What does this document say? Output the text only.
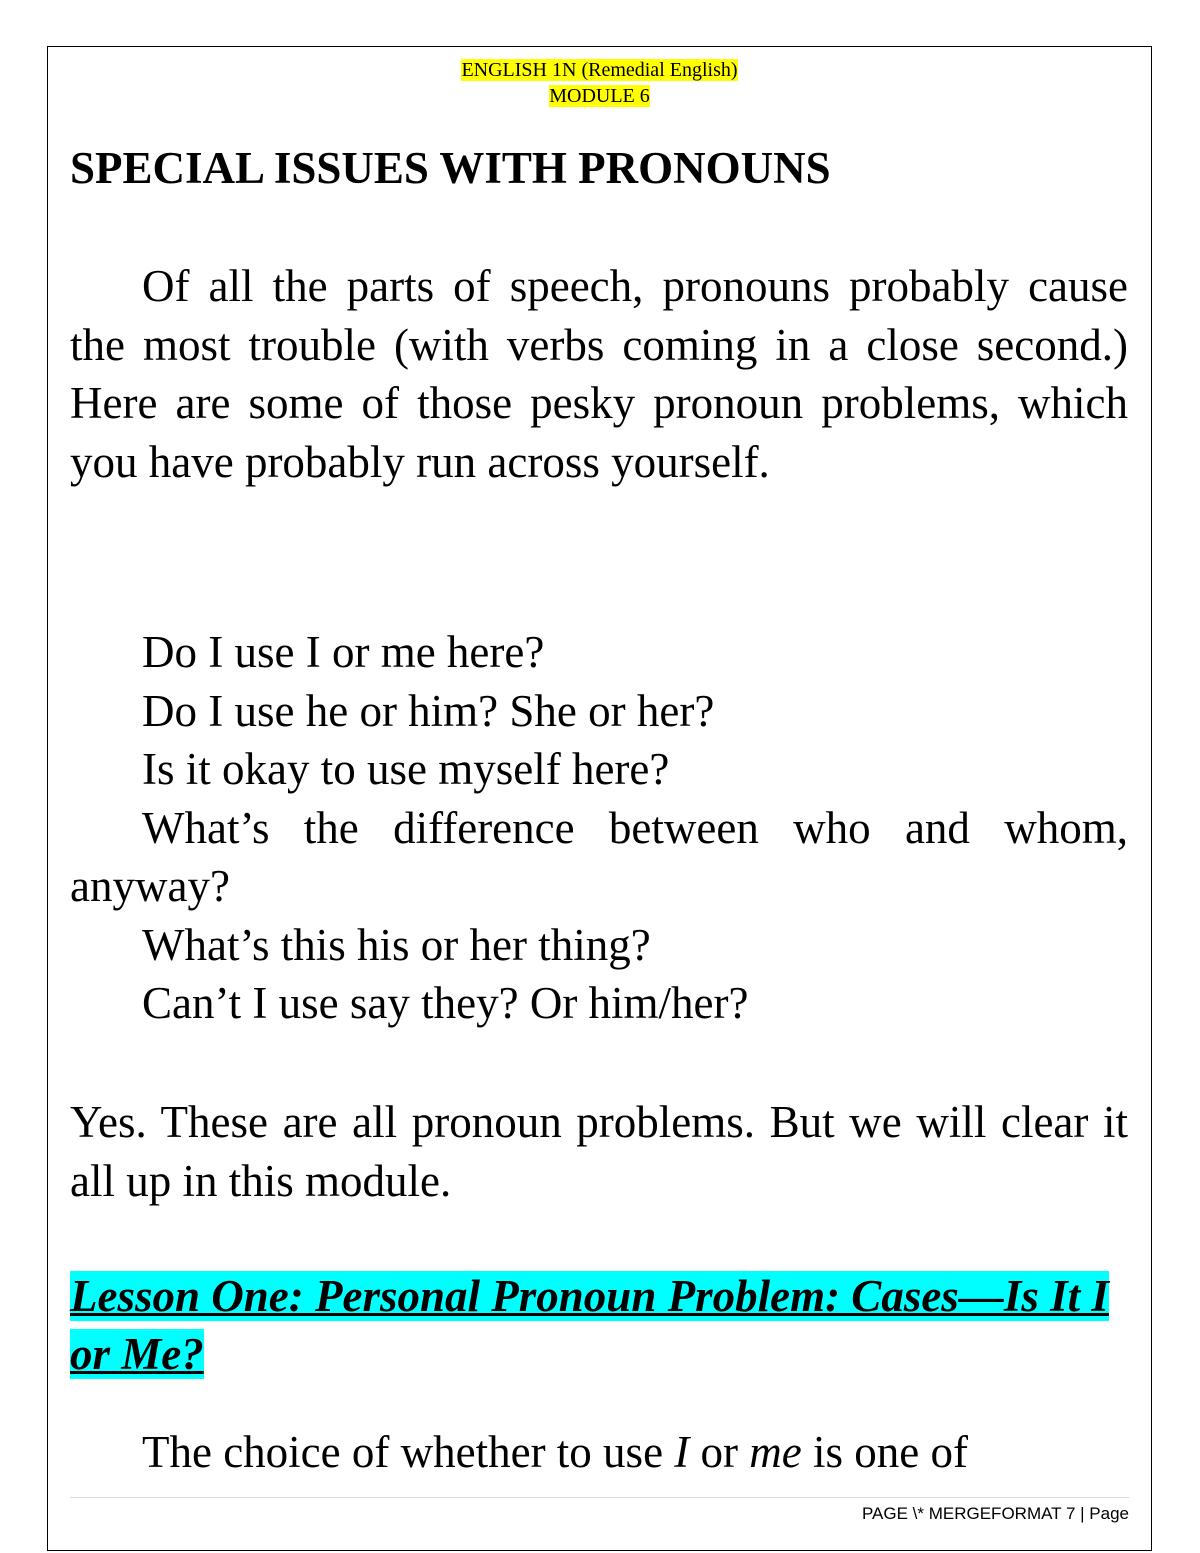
ENGLISH 1N (Remedial English)
MODULE 6
SPECIAL ISSUES WITH PRONOUNS

Of all the parts of speech, pronouns probably cause the most trouble (with verbs coming in a close second.) Here are some of those pesky pronoun problems, which you have probably run across yourself.

Do I use I or me here?
Do I use he or him? She or her?
Is it okay to use myself here?
What’s the difference between who and whom, anyway?
What’s this his or her thing?
Can’t I use say they? Or him/her?

Yes. These are all pronoun problems. But we will clear it all up in this module.

Lesson One: Personal Pronoun Problem: Cases—Is It I or Me?

The choice of whether to use I or me is one of

PAGE \* MERGEFORMAT 7 | Page
